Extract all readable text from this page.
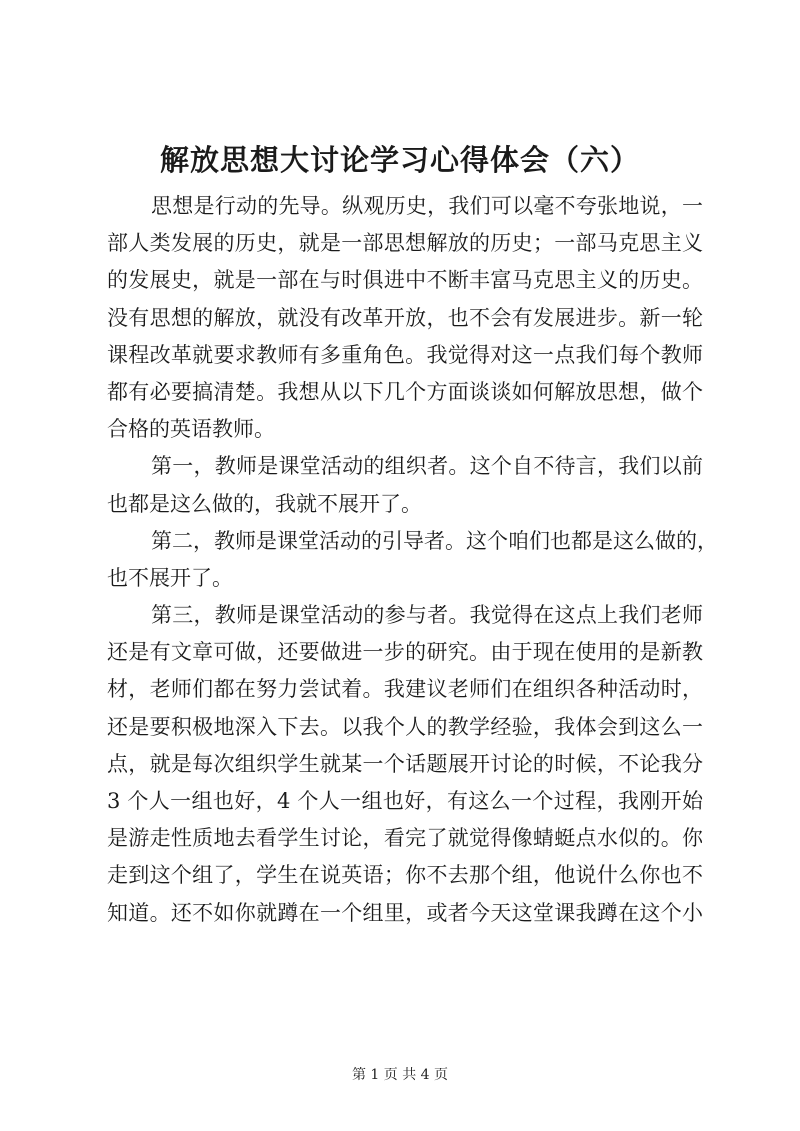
解放思想大讨论学习心得体会（六）
思想是行动的先导。纵观历史，我们可以毫不夸张地说，一
部人类发展的历史，就是一部思想解放的历史；一部马克思主义
的发展史，就是一部在与时俱进中不断丰富马克思主义的历史。
没有思想的解放，就没有改革开放，也不会有发展进步。新一轮
课程改革就要求教师有多重角色。我觉得对这一点我们每个教师
都有必要搞清楚。我想从以下几个方面谈谈如何解放思想，做个
合格的英语教师。
第一，教师是课堂活动的组织者。这个自不待言，我们以前
也都是这么做的，我就不展开了。
第二，教师是课堂活动的引导者。这个咱们也都是这么做的，
也不展开了。
第三，教师是课堂活动的参与者。我觉得在这点上我们老师
还是有文章可做，还要做进一步的研究。由于现在使用的是新教
材，老师们都在努力尝试着。我建议老师们在组织各种活动时，
还是要积极地深入下去。以我个人的教学经验，我体会到这么一
点，就是每次组织学生就某一个话题展开讨论的时候，不论我分
3 个人一组也好，4 个人一组也好，有这么一个过程，我刚开始
是游走性质地去看学生讨论，看完了就觉得像蜻蜓点水似的。你
走到这个组了，学生在说英语；你不去那个组，他说什么你也不
知道。还不如你就蹲在一个组里，或者今天这堂课我蹲在这个小
第 1 页 共 4 页
